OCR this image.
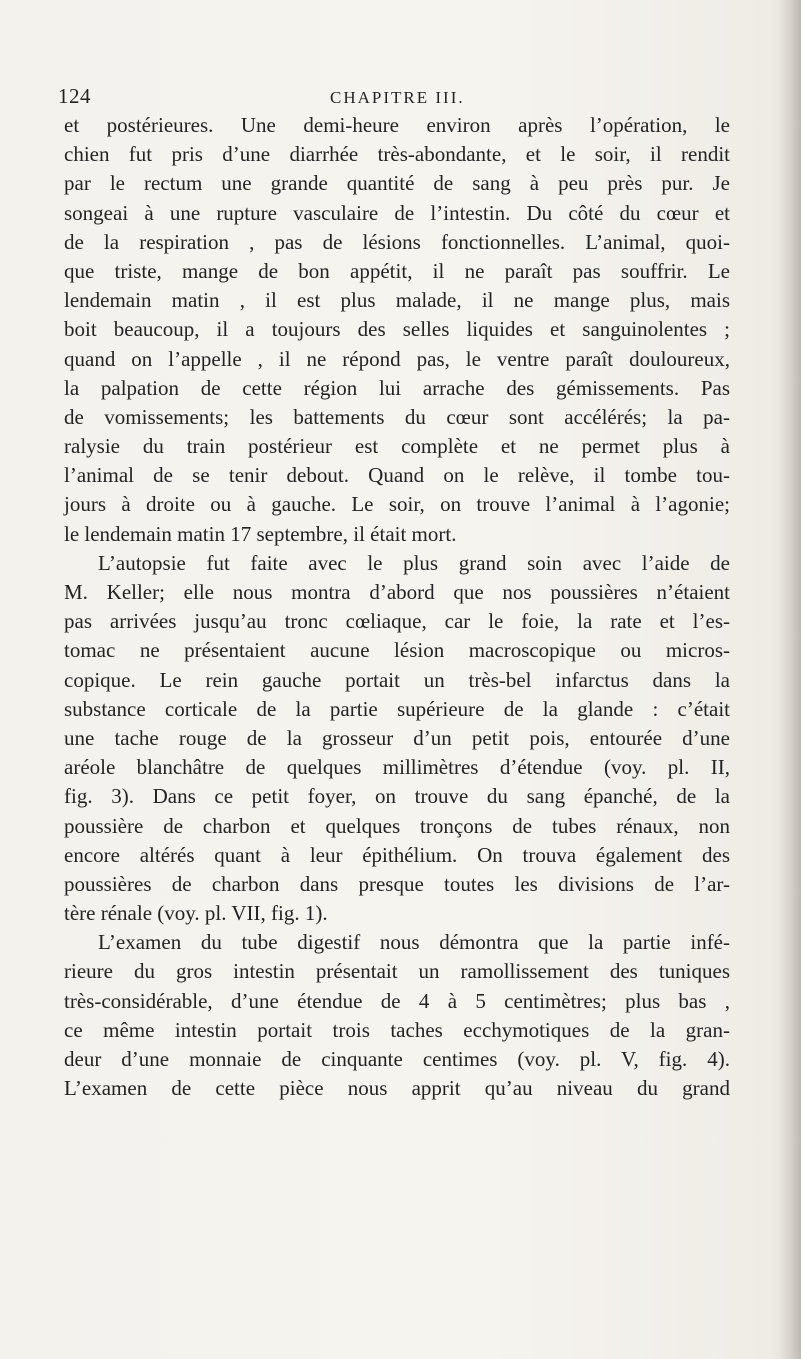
124	CHAPITRE III.
et postérieures. Une demi-heure environ après l’opération, le
chien fut pris d’une diarrhée très-abondante, et le soir, il rendit
par le rectum une grande quantité de sang à peu près pur. Je
songeai à une rupture vasculaire de l’intestin. Du côté du cœur et
de la respiration , pas de lésions fonctionnelles. L’animal, quoi-
que triste, mange de bon appétit, il ne paraît pas souffrir. Le
lendemain matin , il est plus malade, il ne mange plus, mais
boit beaucoup, il a toujours des selles liquides et sanguinolentes ;
quand on l’appelle , il ne répond pas, le ventre paraît douloureux,
la palpation de cette région lui arrache des gémissements. Pas
de vomissements; les battements du cœur sont accélérés; la pa-
ralysie du train postérieur est complète et ne permet plus à
l’animal de se tenir debout. Quand on le relève, il tombe tou-
jours à droite ou à gauche. Le soir, on trouve l’animal à l’agonie;
le lendemain matin 17 septembre, il était mort.
L’autopsie fut faite avec le plus grand soin avec l’aide de
M. Keller; elle nous montra d’abord que nos poussières n’étaient
pas arrivées jusqu’au tronc cœliaque, car le foie, la rate et l’es-
tomac ne présentaient aucune lésion macroscopique ou micros-
copique. Le rein gauche portait un très-bel infarctus dans la
substance corticale de la partie supérieure de la glande : c’était
une tache rouge de la grosseur d’un petit pois, entourée d’une
aréole blanchâtre de quelques millimètres d’étendue (voy. pl. II,
fig. 3). Dans ce petit foyer, on trouve du sang épanché, de la
poussière de charbon et quelques tronçons de tubes rénaux, non
encore altérés quant à leur épithélium. On trouva également des
poussières de charbon dans presque toutes les divisions de l’ar-
tère rénale (voy. pl. VII, fig. 1).
L’examen du tube digestif nous démontra que la partie infé-
rieure du gros intestin présentait un ramollissement des tuniques
très-considérable, d’une étendue de 4 à 5 centimètres; plus bas ,
ce même intestin portait trois taches ecchymotiques de la gran-
deur d’une monnaie de cinquante centimes (voy. pl. V, fig. 4).
L’examen de cette pièce nous apprit qu’au niveau du grand
